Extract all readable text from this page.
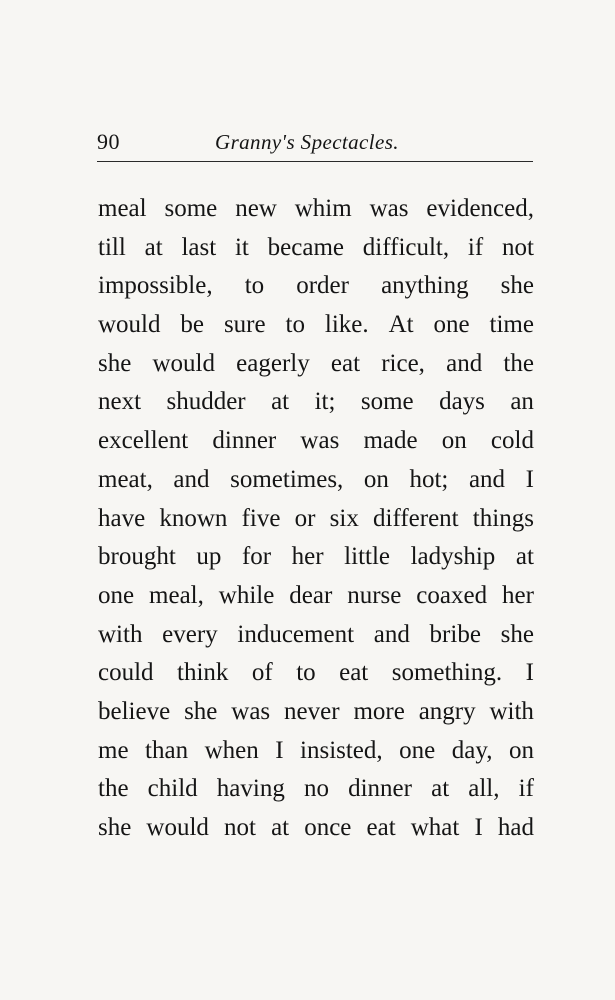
90	Granny's Spectacles.
meal some new whim was evidenced,
till at last it became difficult, if not
impossible, to order anything she
would be sure to like. At one time
she would eagerly eat rice, and the
next shudder at it; some days an
excellent dinner was made on cold
meat, and sometimes, on hot; and I
have known five or six different things
brought up for her little ladyship at
one meal, while dear nurse coaxed her
with every inducement and bribe she
could think of to eat something. I
believe she was never more angry with
me than when I insisted, one day, on
the child having no dinner at all, if
she would not at once eat what I had
